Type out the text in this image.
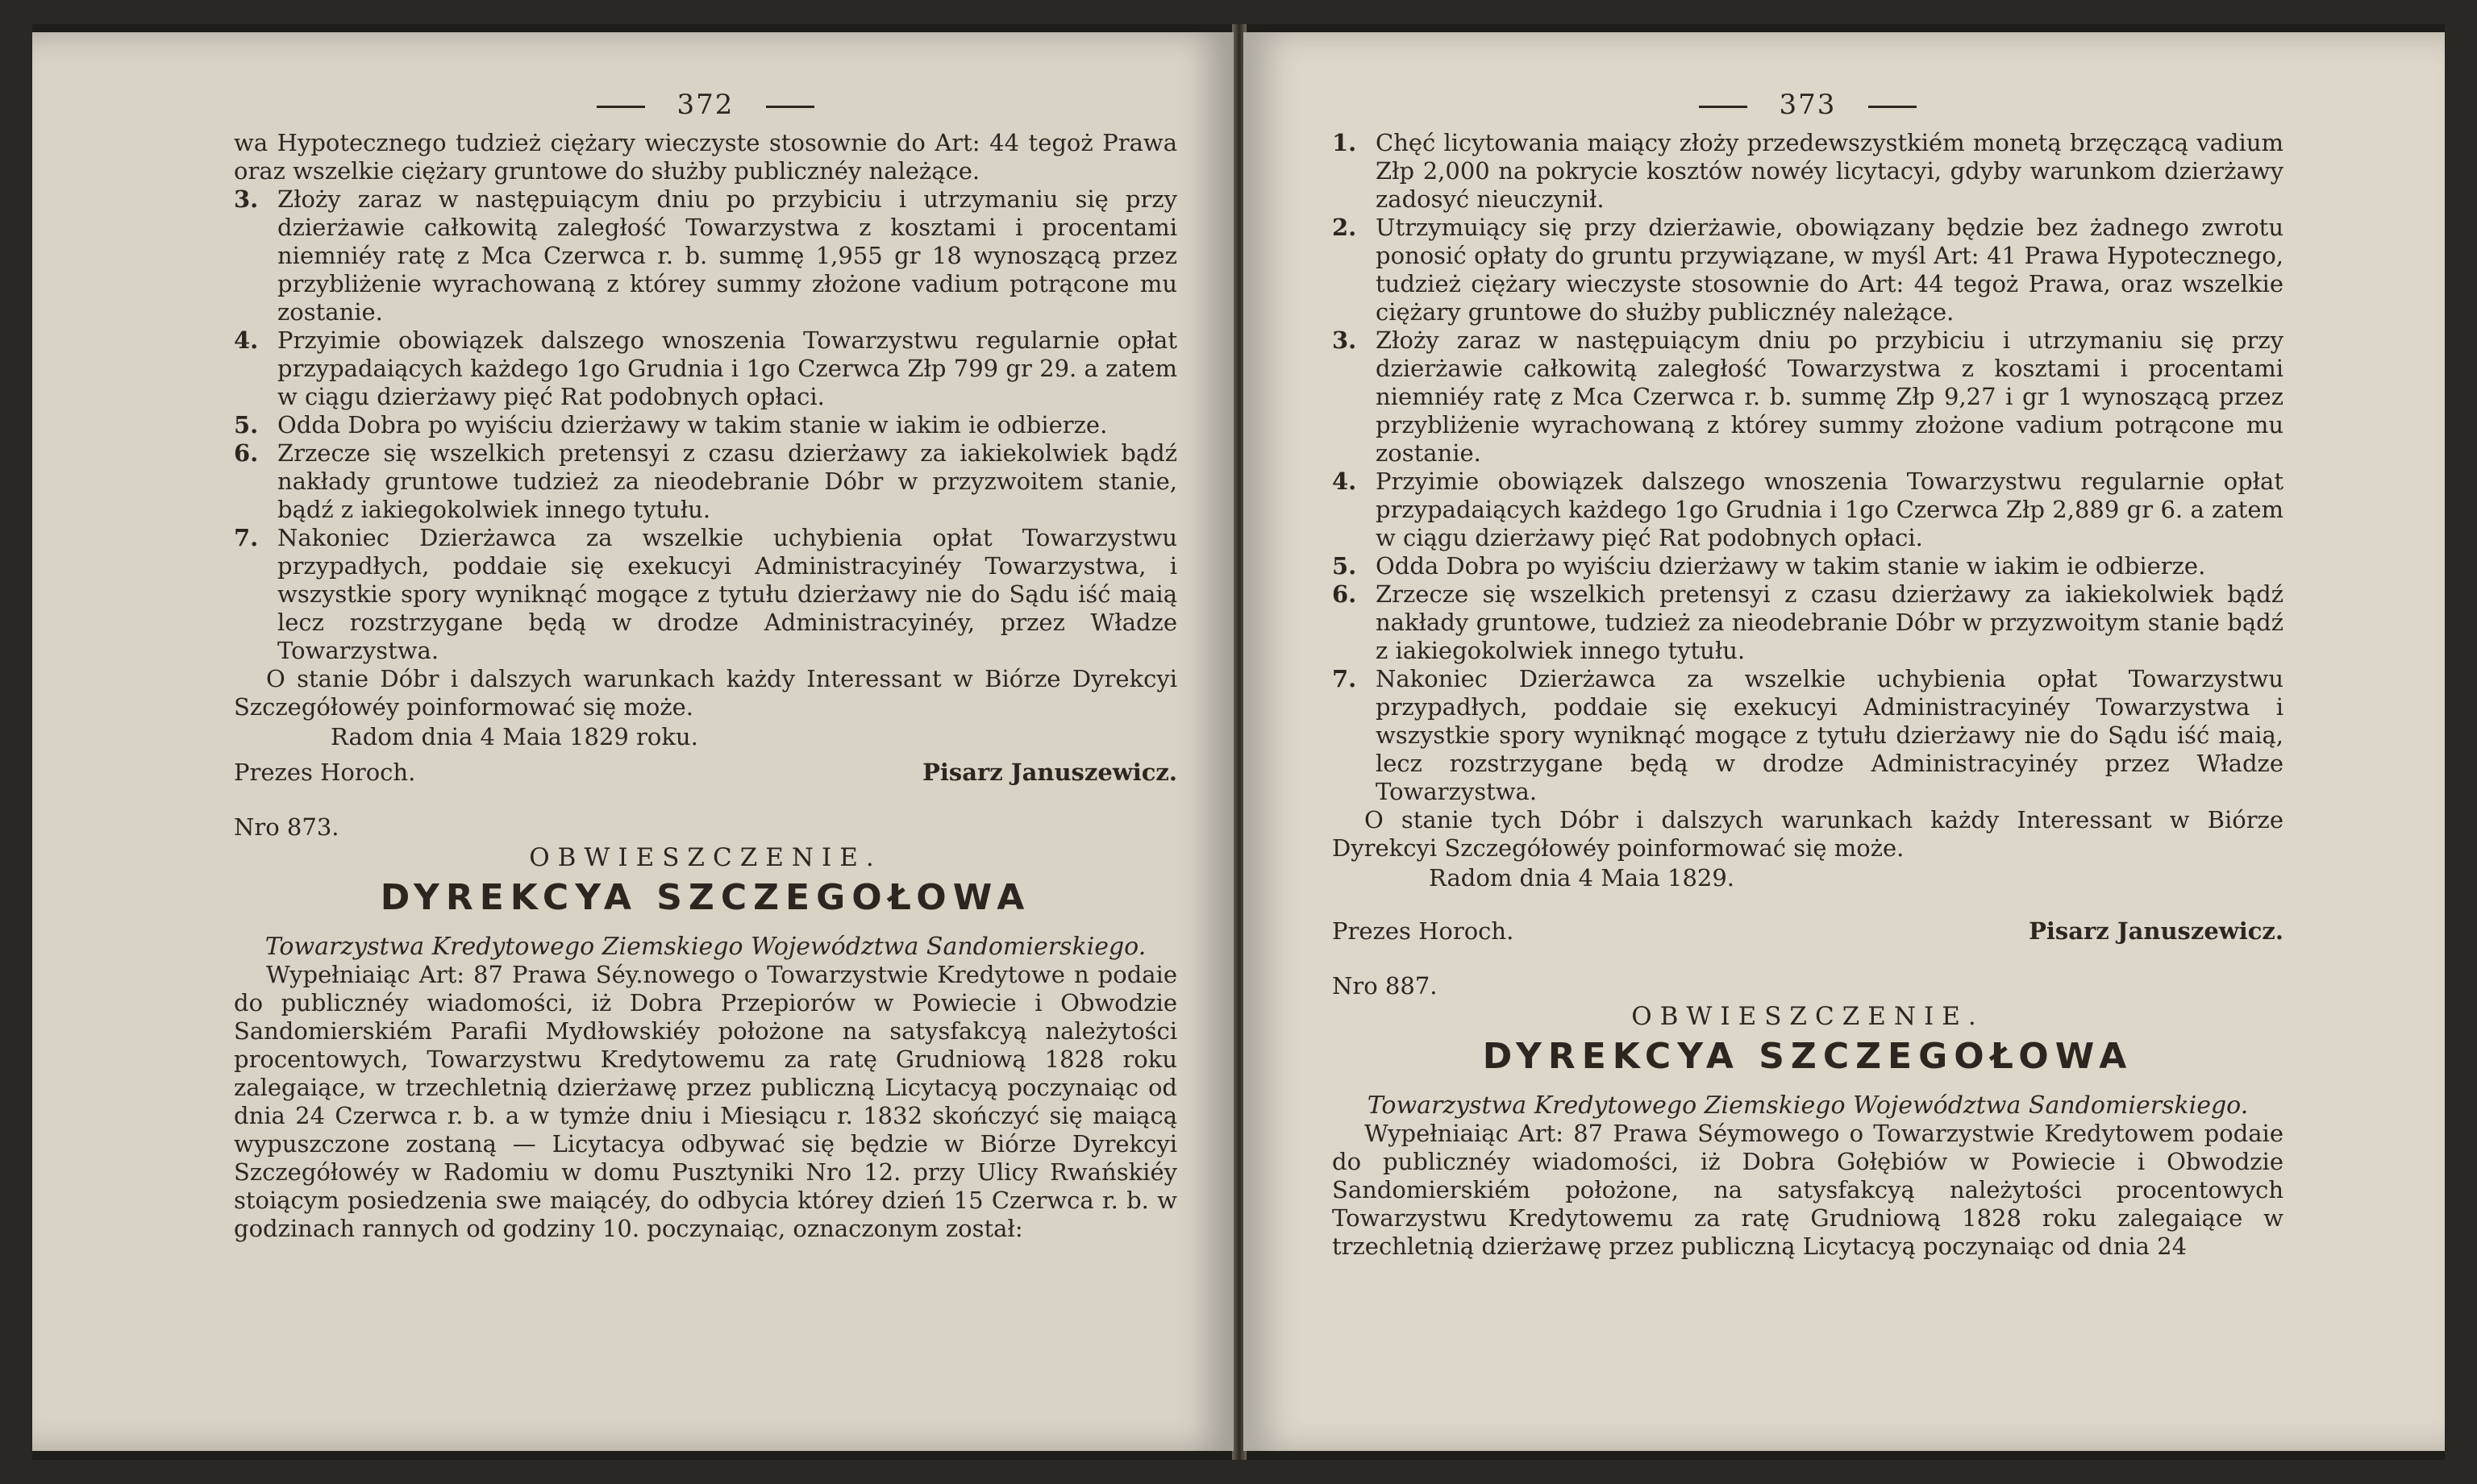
372

wa Hypotecznego tudzież ciężary wieczyste stosownie do Art: 44 tegoż Prawa oraz wszelkie ciężary gruntowe do służby publicznéy należące.

3. Złoży zaraz w następuiącym dniu po przybiciu i utrzymaniu się przy dzierżawie całkowitą zaległość Towarzystwa z kosztami i procentami niemniéy ratę z Mca Czerwca r. b. summę 1,955 gr 18 wynoszącą przez przybliżenie wyrachowaną z którey summy złożone vadium potrącone mu zostanie.
4. Przyimie obowiązek dalszego wnoszenia Towarzystwu regularnie opłat przypadaiących każdego 1go Grudnia i 1go Czerwca Złp 799 gr 29. a zatem w ciągu dzierżawy pięć Rat podobnych opłaci.
5. Odda Dobra po wyiściu dzierżawy w takim stanie w iakim ie odbierze.
6. Zrzecze się wszelkich pretensyi z czasu dzierżawy za iakiekolwiek bądź nakłady gruntowe tudzież za nieodebranie Dóbr w przyzwoitem stanie, bądź z iakiegokolwiek innego tytułu.
7. Nakoniec Dzierżawca za wszelkie uchybienia opłat Towarzystwu przypadłych, poddaie się exekucyi Administracyinéy Towarzystwa, i wszystkie spory wyniknąć mogące z tytułu dzierżawy nie do Sądu iść maią lecz rozstrzygane będą w drodze Administracyinéy, przez Władze Towarzystwa.

O stanie Dóbr i dalszych warunkach każdy Interessant w Biórze Dyrekcyi Szczegółowéy poinformować się może.

Radom dnia 4 Maia 1829 roku.

Prezes Horoch.	Pisarz Januszewicz.
Nro 873.
OBWIESZCZENIE.
DYREKCYA SZCZEGOŁOWA
Towarzystwa Kredytowego Ziemskiego Województwa Sandomierskiego.

Wypełniaiąc Art: 87 Prawa Séy.nowego o Towarzystwie Kredytowe n podaie do publicznéy wiadomości, iż Dobra Przepiorów w Powiecie i Obwodzie Sandomierskiém Parafii Mydłowskiéy położone na satysfakcyą należytości procentowych, Towarzystwu Kredytowemu za ratę Grudniową 1828 roku zalegaiące, w trzechletnią dzierżawę przez publiczną Licytacyą poczynaiąc od dnia 24 Czerwca r. b. a w tymże dniu i Miesiącu r. 1832 skończyć się maiącą wypuszczone zostaną — Licytacya odbywać się będzie w Biórze Dyrekcyi Szczegółowéy w Radomiu w domu Pusztyniki Nro 12. przy Ulicy Rwańskiéy stoiącym posiedzenia swe maiącéy, do odbycia którey dzień 15 Czerwca r. b. w godzinach rannych od godziny 10. poczynaiąc, oznaczonym został:

373
1. Chęć licytowania maiący złoży przedewszystkiém monetą brzęczącą vadium Złp 2,000 na pokrycie kosztów nowéy licytacyi, gdyby warunkom dzierżawy zadosyć nieuczynił.
2. Utrzymuiący się przy dzierżawie, obowiązany będzie bez żadnego zwrotu ponosić opłaty do gruntu przywiązane, w myśl Art: 41 Prawa Hypotecznego, tudzież ciężary wieczyste stosownie do Art: 44 tegoż Prawa, oraz wszelkie ciężary gruntowe do służby publicznéy należące.
3. Złoży zaraz w następuiącym dniu po przybiciu i utrzymaniu się przy dzierżawie całkowitą zaległość Towarzystwa z kosztami i procentami niemniéy ratę z Mca Czerwca r. b. summę Złp 9,27 i gr 1 wynoszącą przez przybliżenie wyrachowaną z którey summy złożone vadium potrącone mu zostanie.
4. Przyimie obowiązek dalszego wnoszenia Towarzystwu regularnie opłat przypadaiących każdego 1go Grudnia i 1go Czerwca Złp 2,889 gr 6. a zatem w ciągu dzierżawy pięć Rat podobnych opłaci.
5. Odda Dobra po wyiściu dzierżawy w takim stanie w iakim ie odbierze.
6. Zrzecze się wszelkich pretensyi z czasu dzierżawy za iakiekolwiek bądź nakłady gruntowe, tudzież za nieodebranie Dóbr w przyzwoitym stanie bądź z iakiegokolwiek innego tytułu.
7. Nakoniec Dzierżawca za wszelkie uchybienia opłat Towarzystwu przypadłych, poddaie się exekucyi Administracyinéy Towarzystwa i wszystkie spory wyniknąć mogące z tytułu dzierżawy nie do Sądu iść maią, lecz rozstrzygane będą w drodze Administracyinéy przez Władze Towarzystwa.

O stanie tych Dóbr i dalszych warunkach każdy Interessant w Biórze Dyrekcyi Szczegółowéy poinformować się może.

Radom dnia 4 Maia 1829.

Prezes Horoch.	Pisarz Januszewicz.
Nro 887.
OBWIESZCZENIE.
DYREKCYA SZCZEGOŁOWA
Towarzystwa Kredytowego Ziemskiego Województwa Sandomierskiego.

Wypełniaiąc Art: 87 Prawa Séymowego o Towarzystwie Kredytowem podaie do publicznéy wiadomości, iż Dobra Gołębiów w Powiecie i Obwodzie Sandomierskiém położone, na satysfakcyą należytości procentowych Towarzystwu Kredytowemu za ratę Grudniową 1828 roku zalegaiące w trzechletnią dzierżawę przez publiczną Licytacyą poczynaiąc od dnia 24
